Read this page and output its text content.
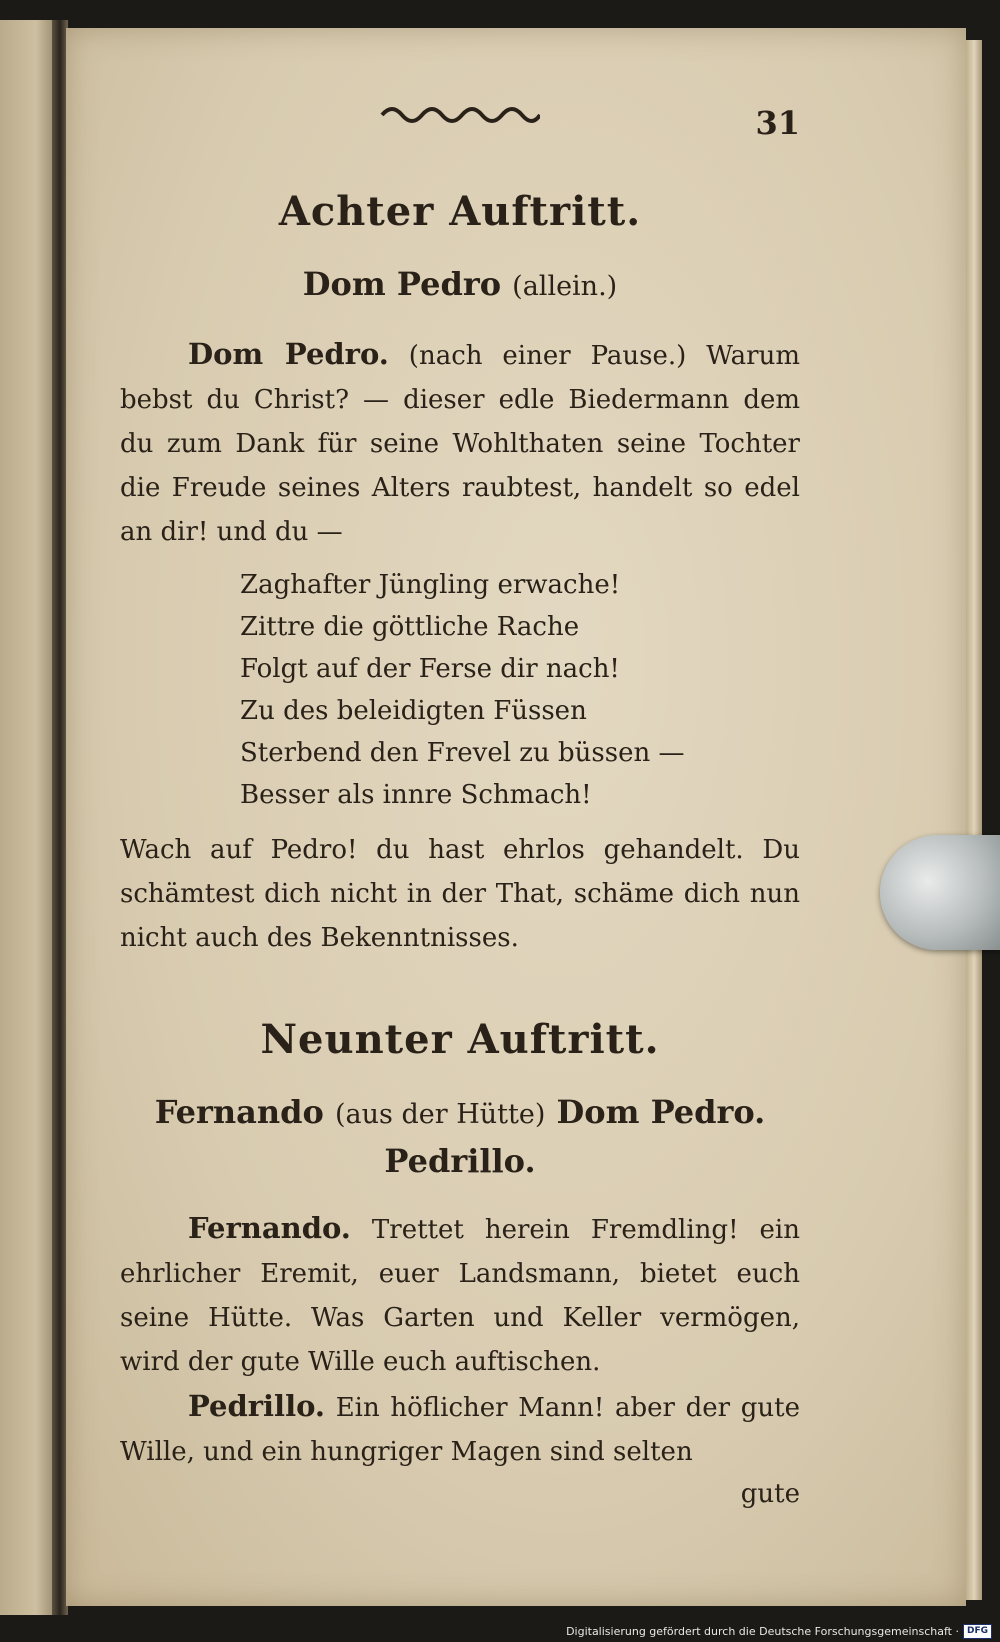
31
Achter Auftritt.
Dom Pedro (allein.)

Dom Pedro. (nach einer Pause.) Warum bebst du Christ? — dieser edle Biedermann dem du zum Dank für seine Wohlthaten seine Tochter die Freude seines Alters raubtest, handelt so edel an dir! und du —

Zaghafter Jüngling erwache!
Zittre die göttliche Rache
Folgt auf der Ferse dir nach!
Zu des beleidigten Füssen
Sterbend den Frevel zu büssen —
Besser als innre Schmach!

Wach auf Pedro! du hast ehrlos gehandelt. Du schämtest dich nicht in der That, schäme dich nun nicht auch des Bekenntnisses.

Neunter Auftritt.
Fernando (aus der Hütte) Dom Pedro.
Pedrillo.

Fernando. Trettet herein Fremdling! ein ehrlicher Eremit, euer Landsmann, bietet euch seine Hütte. Was Garten und Keller vermögen, wird der gute Wille euch auftischen.

Pedrillo. Ein höflicher Mann! aber der gute Wille, und ein hungriger Magen sind selten

gute
Digitalisierung gefördert durch die Deutsche Forschungsgemeinschaft · DFG
